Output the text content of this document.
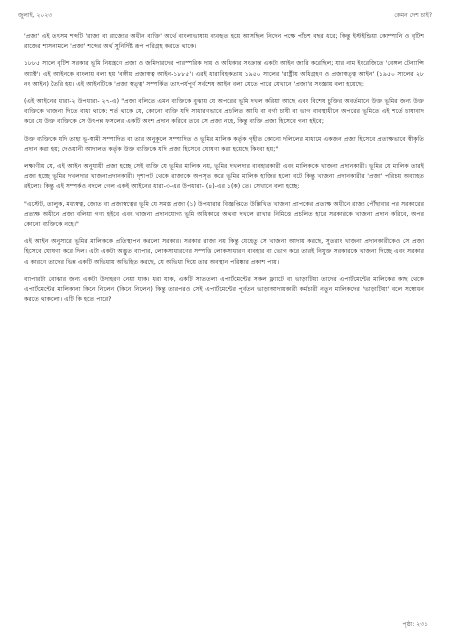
জুলাই, ২০২৩	কেমন দেশ চাই?

'প্রজা' এই তৎসম শব্দটি 'রাজা বা রাজ্যের অধীন ব্যক্তি' অর্থে বাংলাভাষায় ব্যবহৃত হয়ে আসছিল নিদেন পক্ষে পাঁচশ বছর ধরে; কিন্তু ইস্টইন্ডিয়া কোম্পানি ও বৃটিশ রাজের শাসনামলে 'প্রজা' শব্দের অর্থ সুনির্দিষ্ট রূপ পরিগ্রহ করতে থাকে।

১৮৮৫ সালে বৃটিশ সরকার ভূমি নিয়ন্ত্রণে প্রজা ও জমিদারদের পারস্পরিক দায় ও অধিকার সংক্রান্ত একটা আইন জারি করেছিল; যার নাম ইংরেজিতে 'বেঙ্গল টেন্যান্সি অ্যাক্ট'। এই আইনকে বাংলায় বলা হয় 'বঙ্গীয় প্রজাস্বত্ব আইন-১৮৮৫'। এরই ধারাবিহকতায় ১৯৫০ সালের 'রাষ্ট্রীয় অধিগ্রহণ ও প্রজাস্বত্ত্ব আইন' (১৯৫০ সালের ২৮ নং আইন) তৈরি হয়। এই আইনটিকে 'প্রজা স্বত্ত্ব' সম্পর্কিত তাৎপর্যপূর্ণ সর্বশেষ আইন বলা যেতে পারে যেখানে 'প্রজা'র সংজ্ঞায় বলা হয়েছে:

(এই আইনের ধারা-২ উপধারা- ২৭-এ) "প্রজা বলিতে এমন ব্যক্তিকে বুঝায় যে অপরের ভূমি দখল করিয়া আছে এবং বিশেষ চুক্তির অবর্তমানে উক্ত ভূমির জন্য উক্ত ব্যক্তিকে খাজনা দিতে বাধ্য থাকে: শর্ত থাকে যে, কোনো ব্যক্তি যদি সাধারণভাবে প্রচলিত আধি বা বর্গা চাষী বা ভাগ বাবস্থাধীনে অপরের ভূমিতে এই শর্তে চাষাবাদ করে যে উক্ত ব্যক্তিকে সে উৎপন্ন ফসলের একটি অংশ প্রদান করিবে তবে সে প্রজা নহে, কিন্তু ব্যক্তি প্রজা হিসেবে গন্য হইবে;

উক্ত ব্যক্তিকে যদি তাহা ভূ-স্বামী সম্পাদিত বা তার অনুকূলে সম্পাদিত ও ভূমির মালিক কর্তৃক গৃহীত কোনো দলিলের মাধ্যমে একজন প্রজা হিসেবে প্রত্যক্ষভাবে স্বীকৃতি প্রদান করা হয়; দেওয়ানী আদালত কর্তৃক উক্ত ব্যক্তিকে যদি প্রজা হিসেবে ঘোষণা করা হয়েছে কিংবা হয়;"

লক্ষ্যণীয় যে, এই আইন অনুযায়ী প্রজা হচ্ছে সেই ব্যক্তি যে ভূমির মালিক নয়, ভূমির দখলদার ব্যবহারকারী এবং মালিককে খাজনা প্রদানকারী। ভূমির যে মালিক তারই প্রজা হচ্ছে ভূমির দখলদার খাজনাপ্রদানকারী। দৃশ্যপট থেকে রাজাকে অপসৃত করে ভূমির মালিক হাজির হলো বটে কিন্তু খাজনা প্রদানকারীর 'প্রজা' পরিচয় অব্যাহত রইলো। কিন্তু এই সম্পর্কও বদলে গেল একই আইনের ধারা-৩-এর উপধারা- (৪)-এর ১(ক) তে। সেখানে বলা হচ্ছে:

"এস্টেট, তালুক, মধ্যস্বত্ব, জোত বা প্রজাস্বত্বের ভূমি যে সমস্ত প্রজা (১) উপধারার বিজ্ঞপ্তিতে উল্লিখিত খাজনা প্রাপকের প্রত্যক্ষ অধীনে রাজ্য পৌঁছাবার পর সরকারের প্রত্যক্ষ অধীনে প্রজা বলিয়া গণ্য হইবে এবং খাজনা প্রদানযোগ্য ভূমি অধিকারে অথবা দখলে রাখার নিমিত্তে প্রচলিত হারে সরকারকে খাজনা প্রদান করিবে, অপর কোনো ব্যক্তিকে নহে।"

এই আইন অনুসারে ভূমির মালিককে প্রতিস্থাপন করলো সরকার। সরকার রাজা নয় কিন্তু যেহেতু সে খাজনা আদায় করছে, সুতরাং খাজনা প্রদানকারীকেও সে প্রজা হিসেবে ঘোষণা করে দিল। এটা একটা অদ্ভুত ব্যাপার, লোকসাধারণের সম্পত্তি লোকসাধারণ ব্যবহার বা ভোগ করে তারই নিযুক্ত সরকারকে খাজনা দিচ্ছে এবং সরকার এ কারণে তাদের ভিন্ন একটি অভিধায় অভিহিত করছে, যে অভিধা দিয়ে তার অবস্থান পরিষ্কার প্রকাশ পায়।

ব্যাপারটা বোঝার জন্য একটা উদাহরণ নেয়া যাক। ধরা যাক, একটি সাততলা এপার্টমেন্টের সকল ফ্ল্যাটে বা ভাড়াটিয়া তাদের এপার্টমেন্টের মালিকের কাছ থেকে এপার্টমেন্টের মালিকানা কিনে নিলেন (কিনে নিলেন) কিন্তু তারপরও সেই এপার্টমেন্টের পূর্বতন ভাড়াআদায়কারী কর্মচারী নতুন মালিকদের 'ভাড়াটিয়া' বলে সম্বোধন করতে থাকলো। এটি কি হতে পারে?

পৃষ্ঠা: ২৩১
